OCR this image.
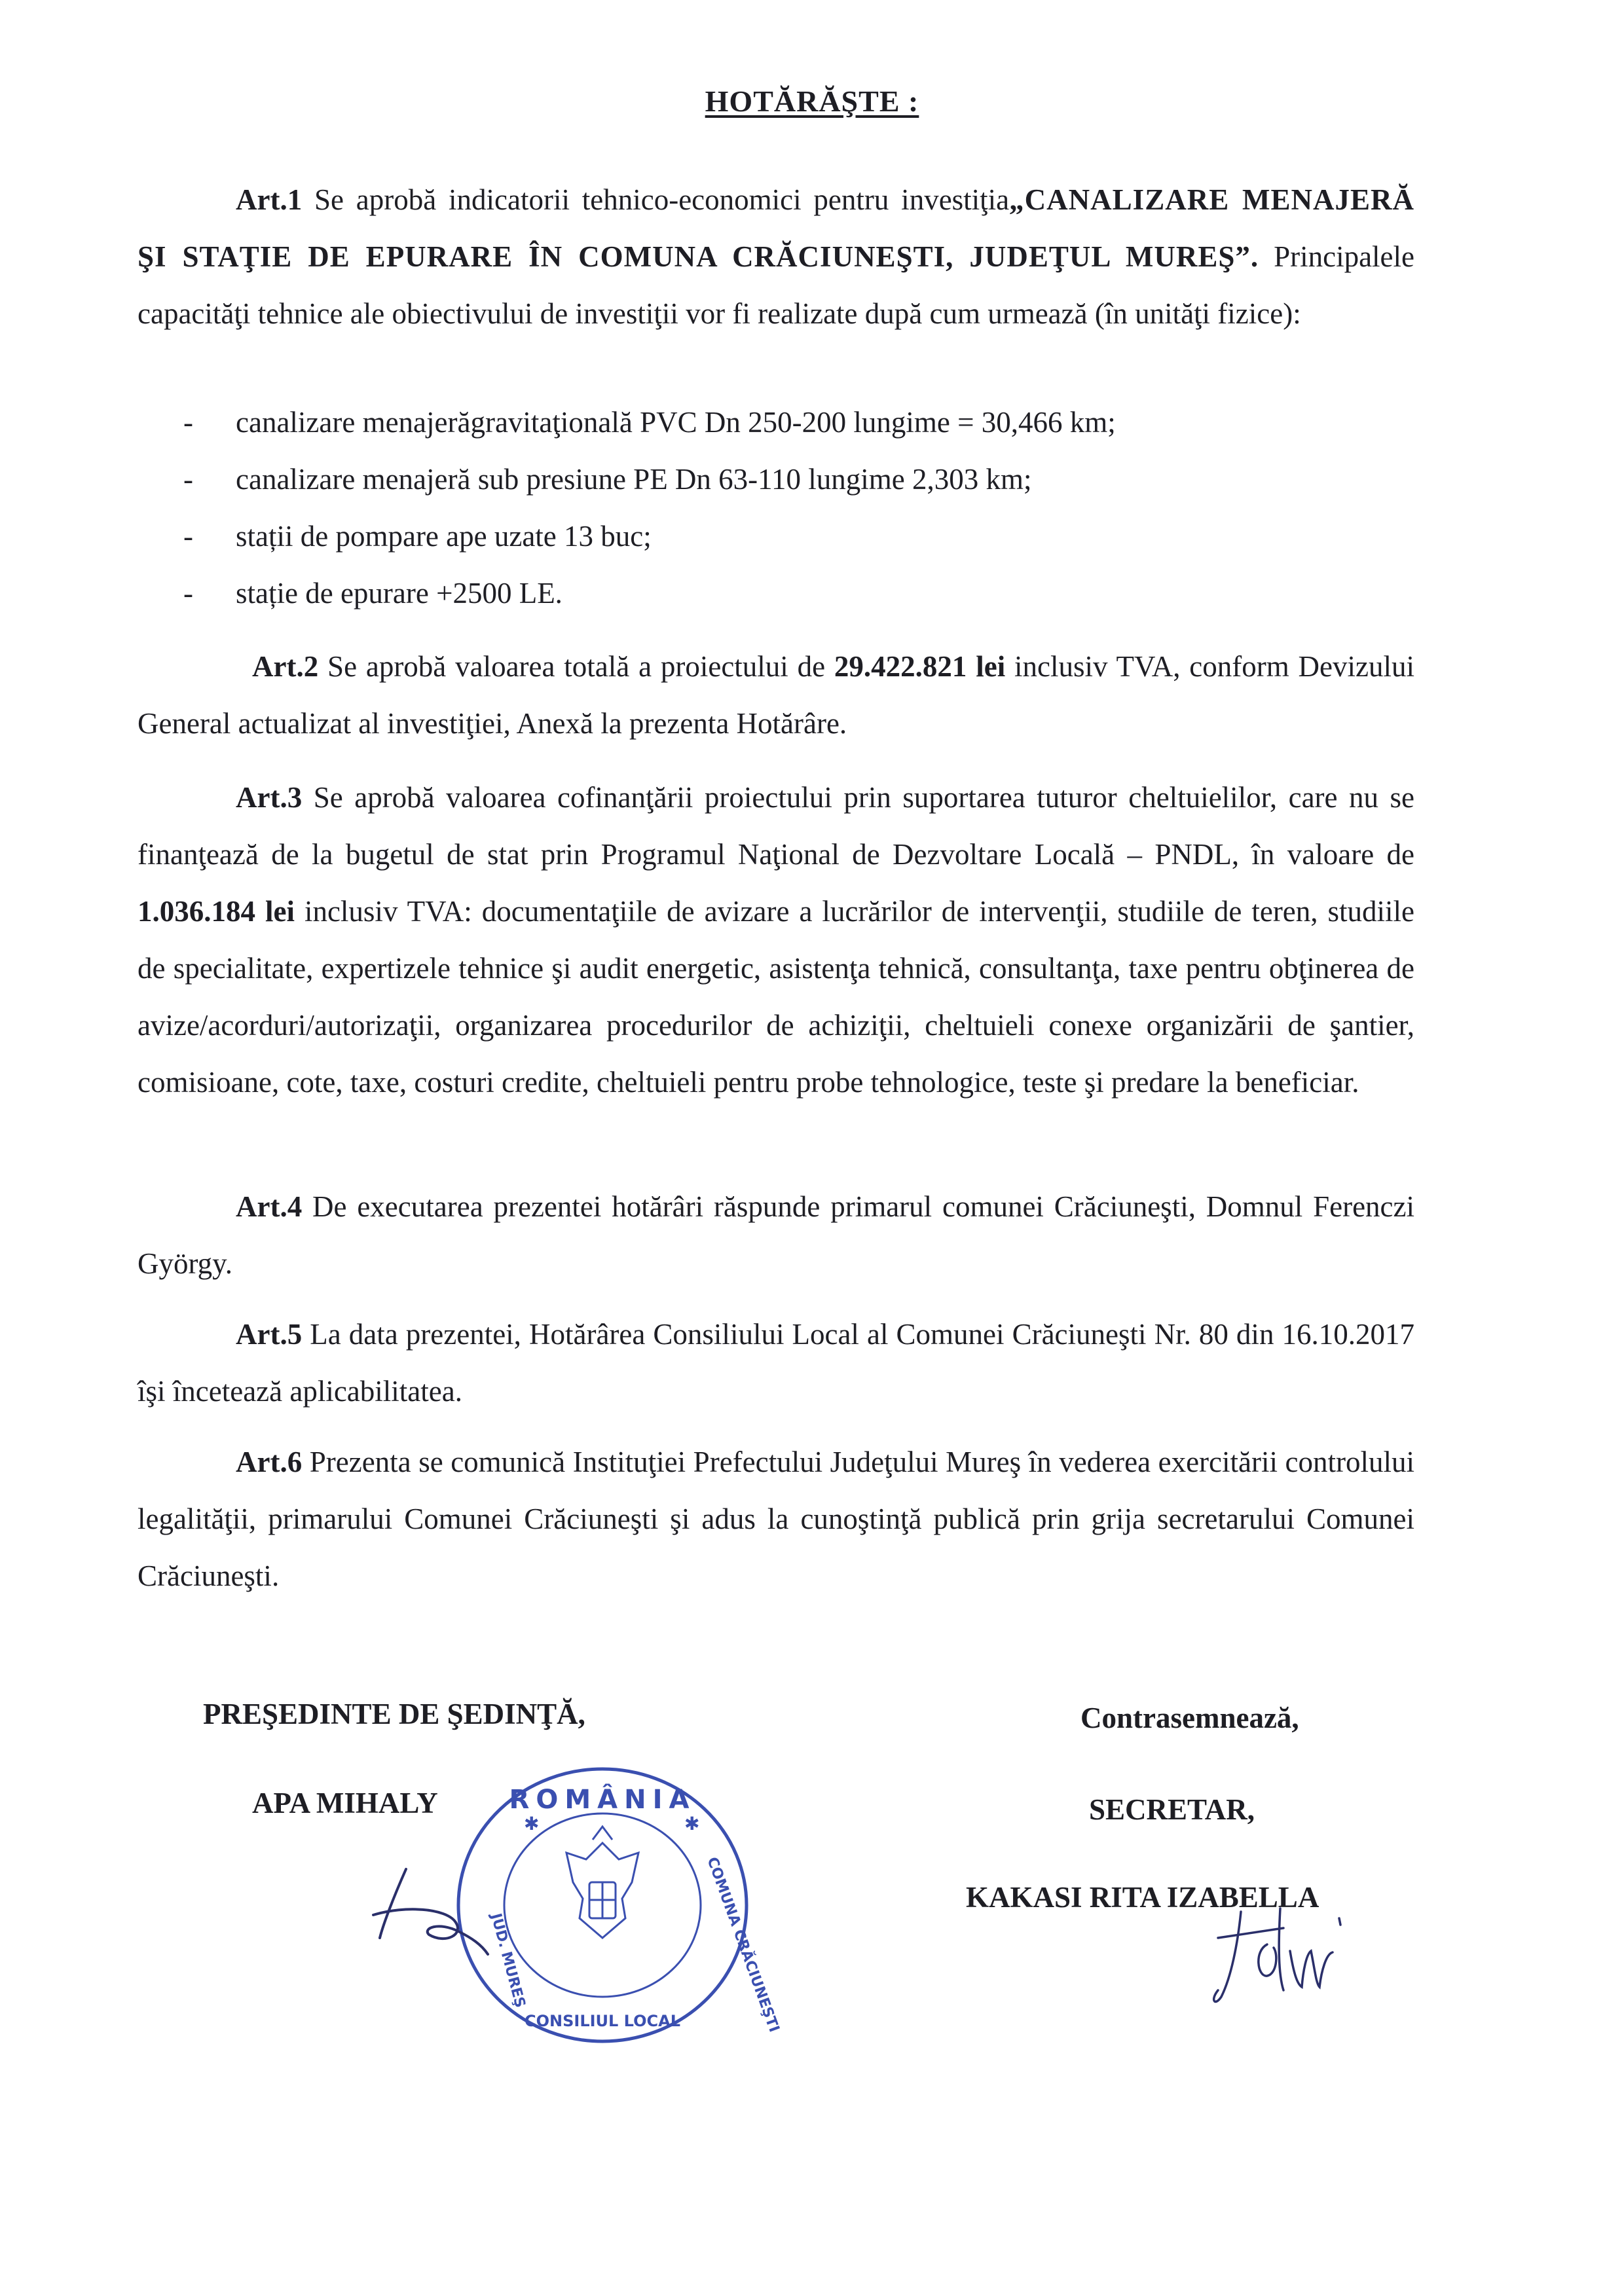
HOTĂRĂŞTE :
Art.1 Se aprobă indicatorii tehnico-economici pentru investiţia„CANALIZARE MENAJERĂ ŞI STAŢIE DE EPURARE ÎN COMUNA CRĂCIUNEŞTI, JUDEŢUL MUREŞ”. Principalele capacităţi tehnice ale obiectivului de investiţii vor fi realizate după cum urmează (în unităţi fizice):
-	canalizare menajerăgravitaţională PVC Dn 250-200 lungime = 30,466 km;
-	canalizare menajeră sub presiune PE Dn 63-110 lungime 2,303 km;
-	stații de pompare ape uzate 13 buc;
-	stație de epurare +2500 LE.
Art.2 Se aprobă valoarea totală a proiectului de 29.422.821 lei inclusiv TVA, conform Devizului General actualizat al investiţiei, Anexă la prezenta Hotărâre.
Art.3 Se aprobă valoarea cofinanţării proiectului prin suportarea tuturor cheltuielilor, care nu se finanţează de la bugetul de stat prin Programul Naţional de Dezvoltare Locală – PNDL, în valoare de 1.036.184 lei inclusiv TVA: documentaţiile de avizare a lucrărilor de intervenţii, studiile de teren, studiile de specialitate, expertizele tehnice şi audit energetic, asistenţa tehnică, consultanţa, taxe pentru obţinerea de avize/acorduri/autorizaţii, organizarea procedurilor de achiziţii, cheltuieli conexe organizării de şantier, comisioane, cote, taxe, costuri credite, cheltuieli pentru probe tehnologice, teste şi predare la beneficiar.
Art.4 De executarea prezentei hotărâri răspunde primarul comunei Crăciuneşti, Domnul Ferenczi György.
Art.5 La data prezentei, Hotărârea Consiliului Local al Comunei Crăciuneşti Nr. 80 din 16.10.2017 îşi încetează aplicabilitatea.
Art.6 Prezenta se comunică Instituţiei Prefectului Judeţului Mureş în vederea exercitării controlului legalităţii, primarului Comunei Crăciuneşti şi adus la cunoştinţă publică prin grija secretarului Comunei Crăciuneşti.
PREŞEDINTE DE ŞEDINŢĂ,
APA MIHALY
Contrasemnează,
SECRETAR,
KAKASI RITA IZABELLA
ROMÂNIA
JUD. MUREŞ	COMUNA CRĂCIUNEŞTI
CONSILIUL LOCAL
✱	✱
